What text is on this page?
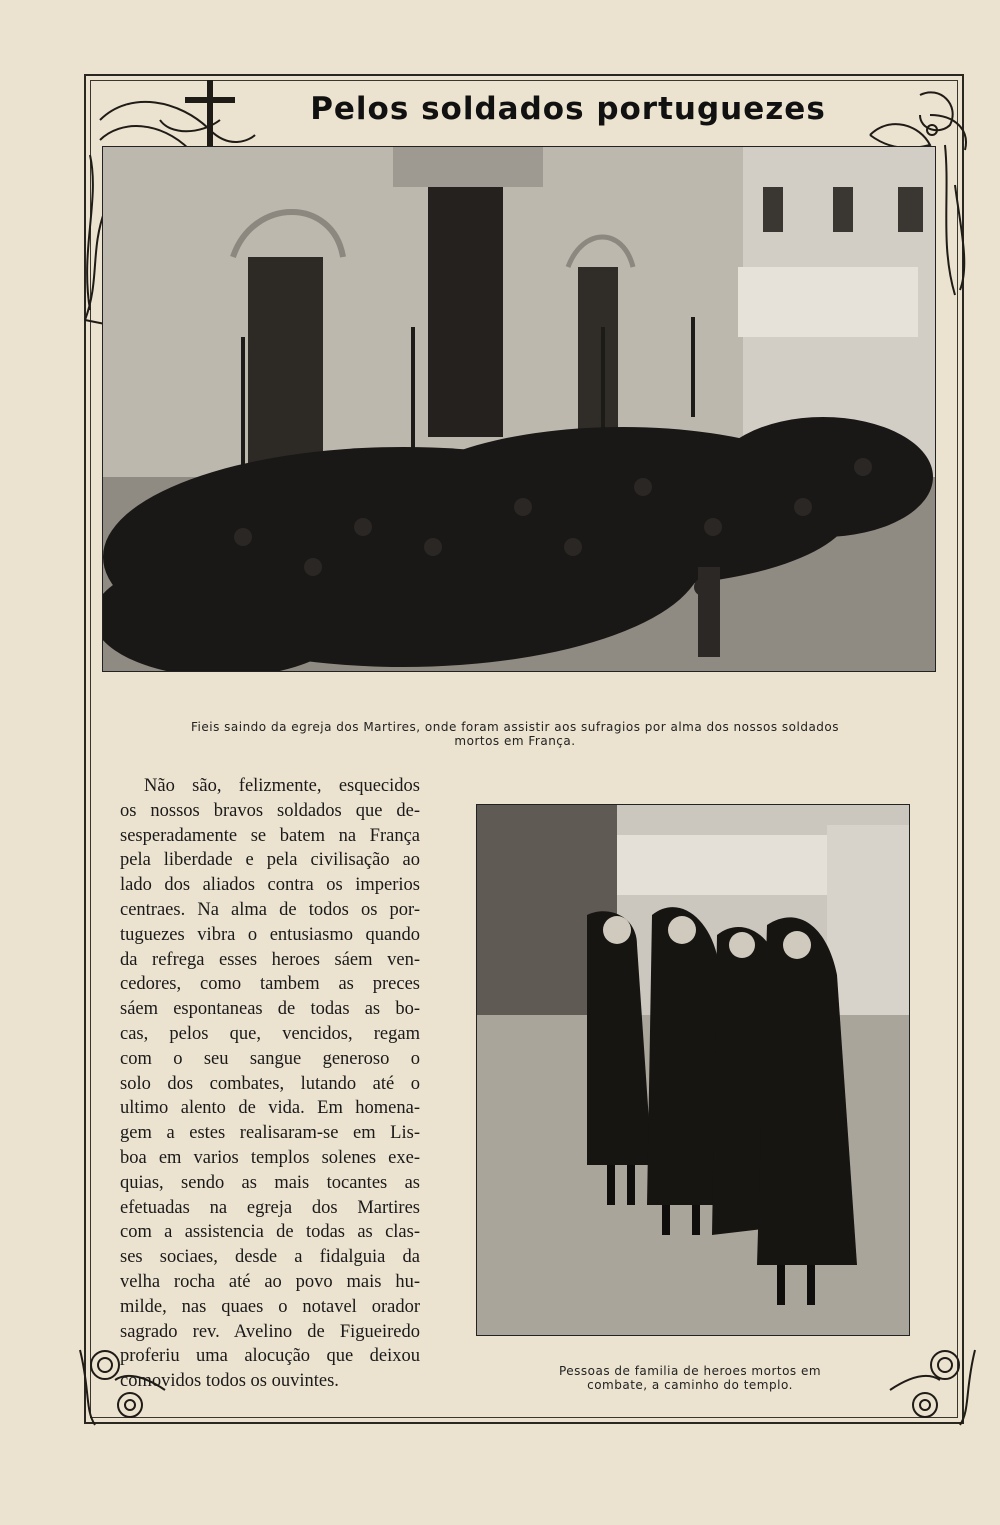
Pelos soldados portuguezes
Fieis saindo da egreja dos Martires, onde foram assistir aos sufragios por alma dos nossos soldados
mortos em França.
Não são, felizmente, esquecidos
os nossos bravos soldados que de-
sesperadamente se batem na França
pela liberdade e pela civilisação ao
lado dos aliados contra os imperios
centraes. Na alma de todos os por-
tuguezes vibra o entusiasmo quando
da refrega esses heroes sáem ven-
cedores, como tambem as preces
sáem espontaneas de todas as bo-
cas, pelos que, vencidos, regam
com o seu sangue generoso o
solo dos combates, lutando até o
ultimo alento de vida. Em homena-
gem a estes realisaram-se em Lis-
boa em varios templos solenes exe-
quias, sendo as mais tocantes as
efetuadas na egreja dos Martires
com a assistencia de todas as clas-
ses sociaes, desde a fidalguia da
velha rocha até ao povo mais hu-
milde, nas quaes o notavel orador
sagrado rev. Avelino de Figueiredo
proferiu uma alocução que deixou
comovidos todos os ouvintes.
Pessoas de familia de heroes mortos em
combate, a caminho do templo.
